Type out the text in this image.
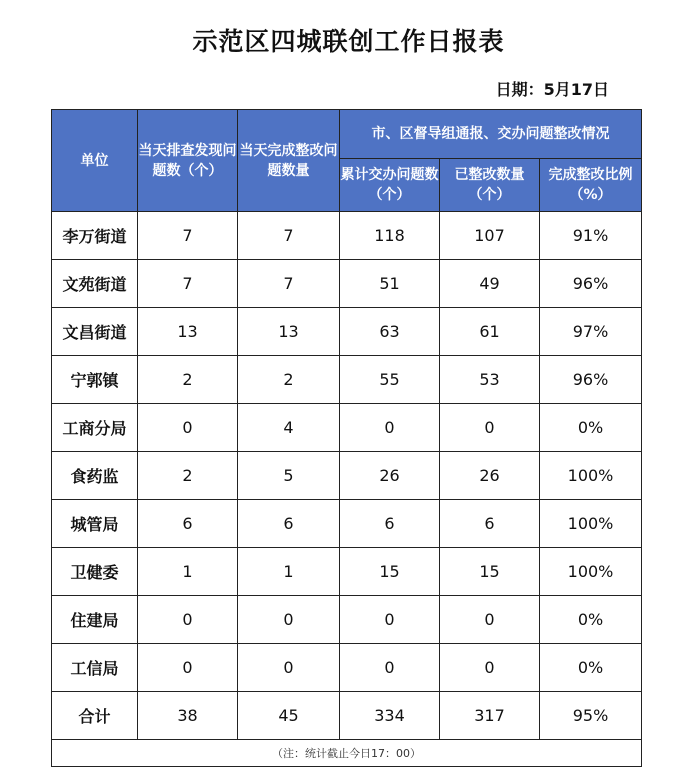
示范区四城联创工作日报表
日期：5月17日
单位	当天排查发现问题数（个）	当天完成整改问题数量	市、区督导组通报、交办问题整改情况		
			累计交办问题数（个）	已整改数量（个）	完成整改比例（%）
李万街道	7	7	118	107	91%
文苑街道	7	7	51	49	96%
文昌街道	13	13	63	61	97%
宁郭镇	2	2	55	53	96%
工商分局	0	4	0	0	0%
食药监	2	5	26	26	100%
城管局	6	6	6	6	100%
卫健委	1	1	15	15	100%
住建局	0	0	0	0	0%
工信局	0	0	0	0	0%
合计	38	45	334	317	95%
（注：统计截止今日17：00）					
